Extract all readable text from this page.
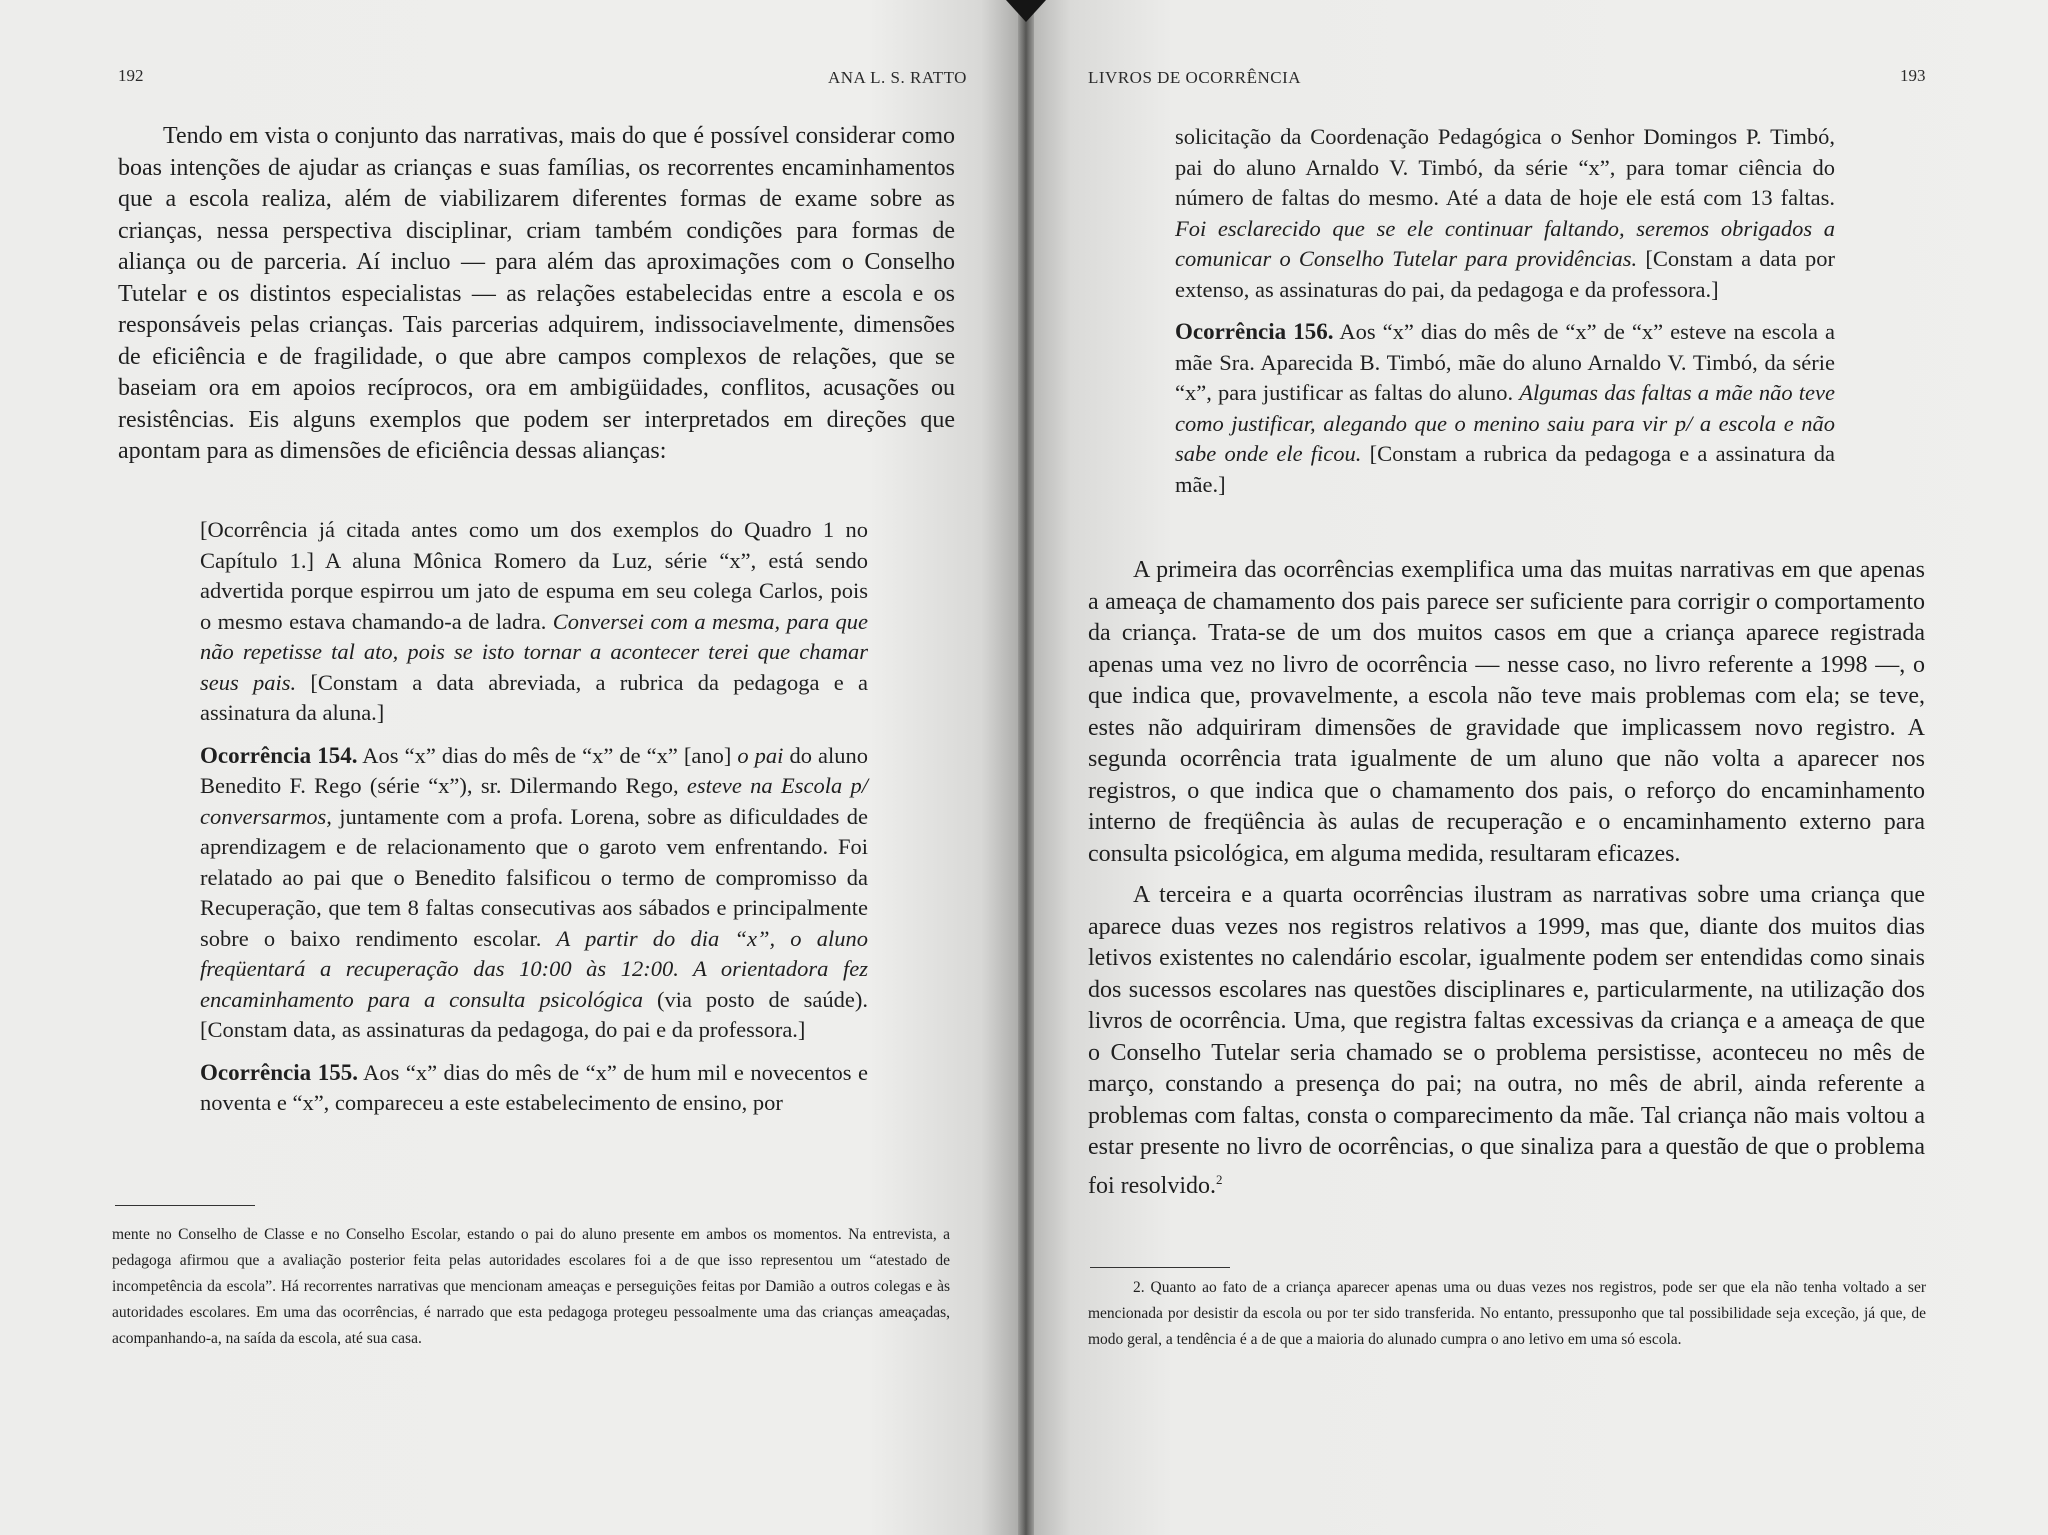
192	ANA L. S. RATTO

Tendo em vista o conjunto das narrativas, mais do que é possível considerar como boas intenções de ajudar as crianças e suas famílias, os recorrentes encaminhamentos que a escola realiza, além de viabilizarem diferentes formas de exame sobre as crianças, nessa perspectiva disciplinar, criam também condições para formas de aliança ou de parceria. Aí incluo — para além das aproximações com o Conselho Tutelar e os distintos especialistas — as relações estabelecidas entre a escola e os responsáveis pelas crianças. Tais parcerias adquirem, indissociavelmente, dimensões de eficiência e de fragilidade, o que abre campos complexos de relações, que se baseiam ora em apoios recíprocos, ora em ambigüidades, conflitos, acusações ou resistências. Eis alguns exemplos que podem ser interpretados em direções que apontam para as dimensões de eficiência dessas alianças:

[Ocorrência já citada antes como um dos exemplos do Quadro 1 no Capítulo 1.] A aluna Mônica Romero da Luz, série “x”, está sendo advertida porque espirrou um jato de espuma em seu colega Carlos, pois o mesmo estava chamando-a de ladra. Conversei com a mesma, para que não repetisse tal ato, pois se isto tornar a acontecer terei que chamar seus pais. [Constam a data abreviada, a rubrica da pedagoga e a assinatura da aluna.]

Ocorrência 154. Aos “x” dias do mês de “x” de “x” [ano] o pai do aluno Benedito F. Rego (série “x”), sr. Dilermando Rego, esteve na Escola p/ conversarmos, juntamente com a profa. Lorena, sobre as dificuldades de aprendizagem e de relacionamento que o garoto vem enfrentando. Foi relatado ao pai que o Benedito falsificou o termo de compromisso da Recuperação, que tem 8 faltas consecutivas aos sábados e principalmente sobre o baixo rendimento escolar. A partir do dia “x”, o aluno freqüentará a recuperação das 10:00 às 12:00. A orientadora fez encaminhamento para a consulta psicológica (via posto de saúde). [Constam data, as assinaturas da pedagoga, do pai e da professora.]

Ocorrência 155. Aos “x” dias do mês de “x” de hum mil e novecentos e noventa e “x”, compareceu a este estabelecimento de ensino, por

mente no Conselho de Classe e no Conselho Escolar, estando o pai do aluno presente em ambos os momentos. Na entrevista, a pedagoga afirmou que a avaliação posterior feita pelas autoridades escolares foi a de que isso representou um “atestado de incompetência da escola”. Há recorrentes narrativas que mencionam ameaças e perseguições feitas por Damião a outros colegas e às autoridades escolares. Em uma das ocorrências, é narrado que esta pedagoga protegeu pessoalmente uma das crianças ameaçadas, acompanhando-a, na saída da escola, até sua casa.

LIVROS DE OCORRÊNCIA	193

solicitação da Coordenação Pedagógica o Senhor Domingos P. Timbó, pai do aluno Arnaldo V. Timbó, da série “x”, para tomar ciência do número de faltas do mesmo. Até a data de hoje ele está com 13 faltas. Foi esclarecido que se ele continuar faltando, seremos obrigados a comunicar o Conselho Tutelar para providências. [Constam a data por extenso, as assinaturas do pai, da pedagoga e da professora.]

Ocorrência 156. Aos “x” dias do mês de “x” de “x” esteve na escola a mãe Sra. Aparecida B. Timbó, mãe do aluno Arnaldo V. Timbó, da série “x”, para justificar as faltas do aluno. Algumas das faltas a mãe não teve como justificar, alegando que o menino saiu para vir p/ a escola e não sabe onde ele ficou. [Constam a rubrica da pedagoga e a assinatura da mãe.]

A primeira das ocorrências exemplifica uma das muitas narrativas em que apenas a ameaça de chamamento dos pais parece ser suficiente para corrigir o comportamento da criança. Trata-se de um dos muitos casos em que a criança aparece registrada apenas uma vez no livro de ocorrência — nesse caso, no livro referente a 1998 —, o que indica que, provavelmente, a escola não teve mais problemas com ela; se teve, estes não adquiriram dimensões de gravidade que implicassem novo registro. A segunda ocorrência trata igualmente de um aluno que não volta a aparecer nos registros, o que indica que o chamamento dos pais, o reforço do encaminhamento interno de freqüência às aulas de recuperação e o encaminhamento externo para consulta psicológica, em alguma medida, resultaram eficazes.

A terceira e a quarta ocorrências ilustram as narrativas sobre uma criança que aparece duas vezes nos registros relativos a 1999, mas que, diante dos muitos dias letivos existentes no calendário escolar, igualmente podem ser entendidas como sinais dos sucessos escolares nas questões disciplinares e, particularmente, na utilização dos livros de ocorrência. Uma, que registra faltas excessivas da criança e a ameaça de que o Conselho Tutelar seria chamado se o problema persistisse, aconteceu no mês de março, constando a presença do pai; na outra, no mês de abril, ainda referente a problemas com faltas, consta o comparecimento da mãe. Tal criança não mais voltou a estar presente no livro de ocorrências, o que sinaliza para a questão de que o problema foi resolvido.$^2$

2. Quanto ao fato de a criança aparecer apenas uma ou duas vezes nos registros, pode ser que ela não tenha voltado a ser mencionada por desistir da escola ou por ter sido transferida. No entanto, pressuponho que tal possibilidade seja exceção, já que, de modo geral, a tendência é a de que a maioria do alunado cumpra o ano letivo em uma só escola.
